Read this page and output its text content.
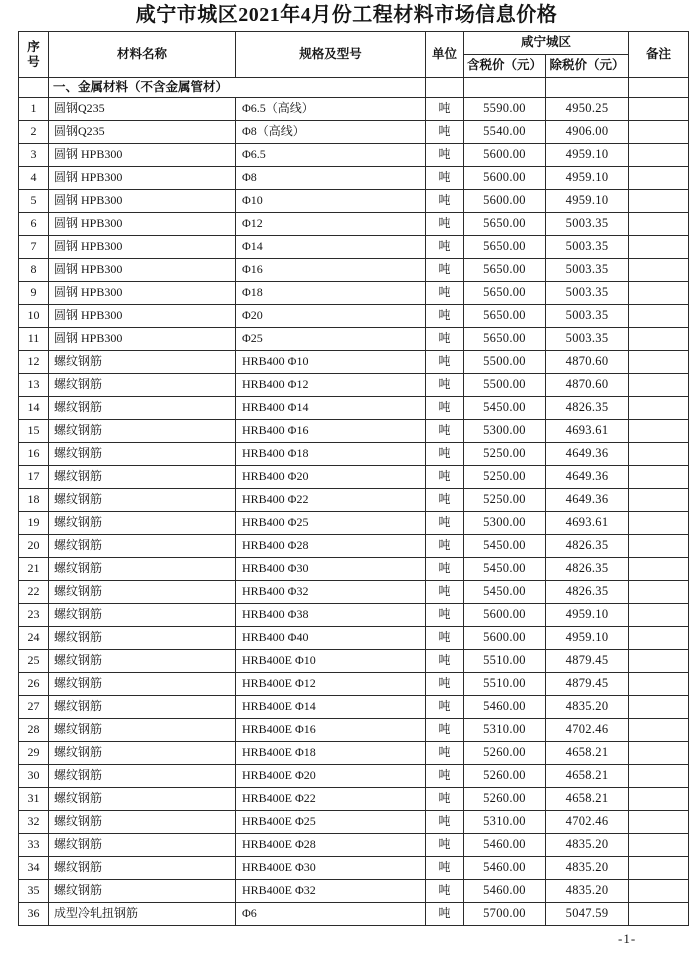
咸宁市城区2021年4月份工程材料市场信息价格
序号	材料名称	规格及型号	单位	咸宁城区		备注
				含税价（元）	除税价（元）	
	一、金属材料（不含金属管材）					
1	圆钢Q235	Φ6.5（高线）	吨	5590.00	4950.25	
2	圆钢Q235	Φ8（高线）	吨	5540.00	4906.00	
3	圆钢 HPB300	Φ6.5	吨	5600.00	4959.10	
4	圆钢 HPB300	Φ8	吨	5600.00	4959.10	
5	圆钢 HPB300	Φ10	吨	5600.00	4959.10	
6	圆钢 HPB300	Φ12	吨	5650.00	5003.35	
7	圆钢 HPB300	Φ14	吨	5650.00	5003.35	
8	圆钢 HPB300	Φ16	吨	5650.00	5003.35	
9	圆钢 HPB300	Φ18	吨	5650.00	5003.35	
10	圆钢 HPB300	Φ20	吨	5650.00	5003.35	
11	圆钢 HPB300	Φ25	吨	5650.00	5003.35	
12	螺纹钢筋	HRB400 Φ10	吨	5500.00	4870.60	
13	螺纹钢筋	HRB400 Φ12	吨	5500.00	4870.60	
14	螺纹钢筋	HRB400 Φ14	吨	5450.00	4826.35	
15	螺纹钢筋	HRB400 Φ16	吨	5300.00	4693.61	
16	螺纹钢筋	HRB400 Φ18	吨	5250.00	4649.36	
17	螺纹钢筋	HRB400 Φ20	吨	5250.00	4649.36	
18	螺纹钢筋	HRB400 Φ22	吨	5250.00	4649.36	
19	螺纹钢筋	HRB400 Φ25	吨	5300.00	4693.61	
20	螺纹钢筋	HRB400 Φ28	吨	5450.00	4826.35	
21	螺纹钢筋	HRB400 Φ30	吨	5450.00	4826.35	
22	螺纹钢筋	HRB400 Φ32	吨	5450.00	4826.35	
23	螺纹钢筋	HRB400 Φ38	吨	5600.00	4959.10	
24	螺纹钢筋	HRB400 Φ40	吨	5600.00	4959.10	
25	螺纹钢筋	HRB400E Φ10	吨	5510.00	4879.45	
26	螺纹钢筋	HRB400E Φ12	吨	5510.00	4879.45	
27	螺纹钢筋	HRB400E Φ14	吨	5460.00	4835.20	
28	螺纹钢筋	HRB400E Φ16	吨	5310.00	4702.46	
29	螺纹钢筋	HRB400E Φ18	吨	5260.00	4658.21	
30	螺纹钢筋	HRB400E Φ20	吨	5260.00	4658.21	
31	螺纹钢筋	HRB400E Φ22	吨	5260.00	4658.21	
32	螺纹钢筋	HRB400E Φ25	吨	5310.00	4702.46	
33	螺纹钢筋	HRB400E Φ28	吨	5460.00	4835.20	
34	螺纹钢筋	HRB400E Φ30	吨	5460.00	4835.20	
35	螺纹钢筋	HRB400E Φ32	吨	5460.00	4835.20	
36	成型冷轧扭钢筋	Φ6	吨	5700.00	5047.59	
-1-
